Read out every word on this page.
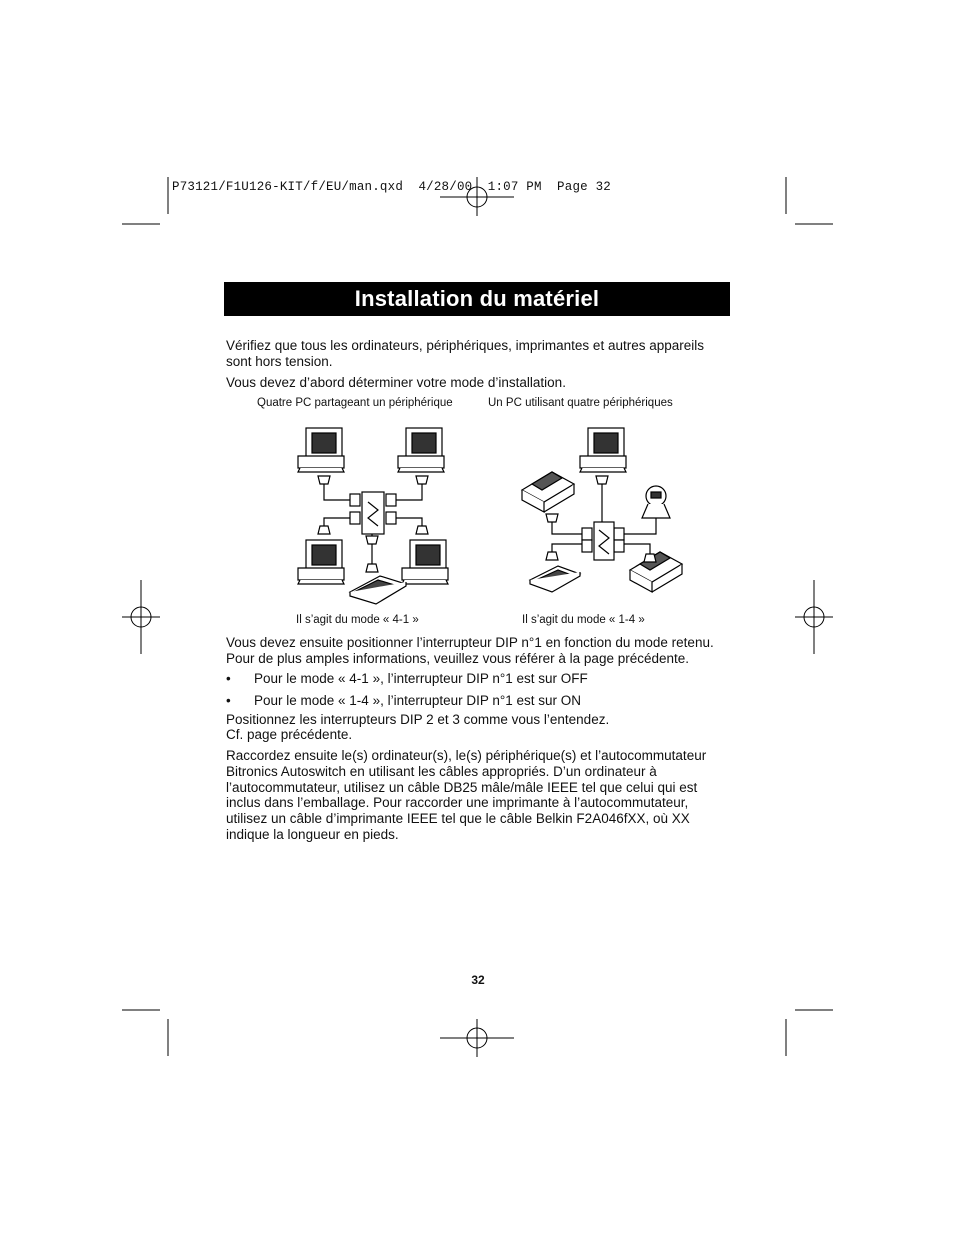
P73121/F1U126-KIT/f/EU/man.qxd  4/28/00  1:07 PM  Page 32
Installation du matériel
Vérifiez que tous les ordinateurs, périphériques, imprimantes et autres appareils sont hors tension.
Vous devez d’abord déterminer votre mode d’installation.
Quatre PC partageant un périphérique	Un PC utilisant quatre périphériques
Il s’agit du mode « 4-1 »	Il s’agit du mode « 1-4 »
Vous devez ensuite positionner l’interrupteur DIP n°1 en fonction du mode retenu.
Pour de plus amples informations, veuillez vous référer à la page précédente.
•	Pour le mode « 4-1 », l’interrupteur DIP n°1 est sur OFF
•	Pour le mode « 1-4 », l’interrupteur DIP n°1 est sur ON
Positionnez les interrupteurs DIP 2 et 3 comme vous l’entendez.
Cf. page précédente.
Raccordez ensuite le(s) ordinateur(s), le(s) périphérique(s) et l’autocommutateur Bitronics Autoswitch en utilisant les câbles appropriés. D’un ordinateur à l’autocommutateur, utilisez un câble DB25 mâle/mâle IEEE tel que celui qui est inclus dans l’emballage. Pour raccorder une imprimante à l’autocommutateur, utilisez un câble d’imprimante IEEE tel que le câble Belkin F2A046fXX, où XX indique la longueur en pieds.
32
